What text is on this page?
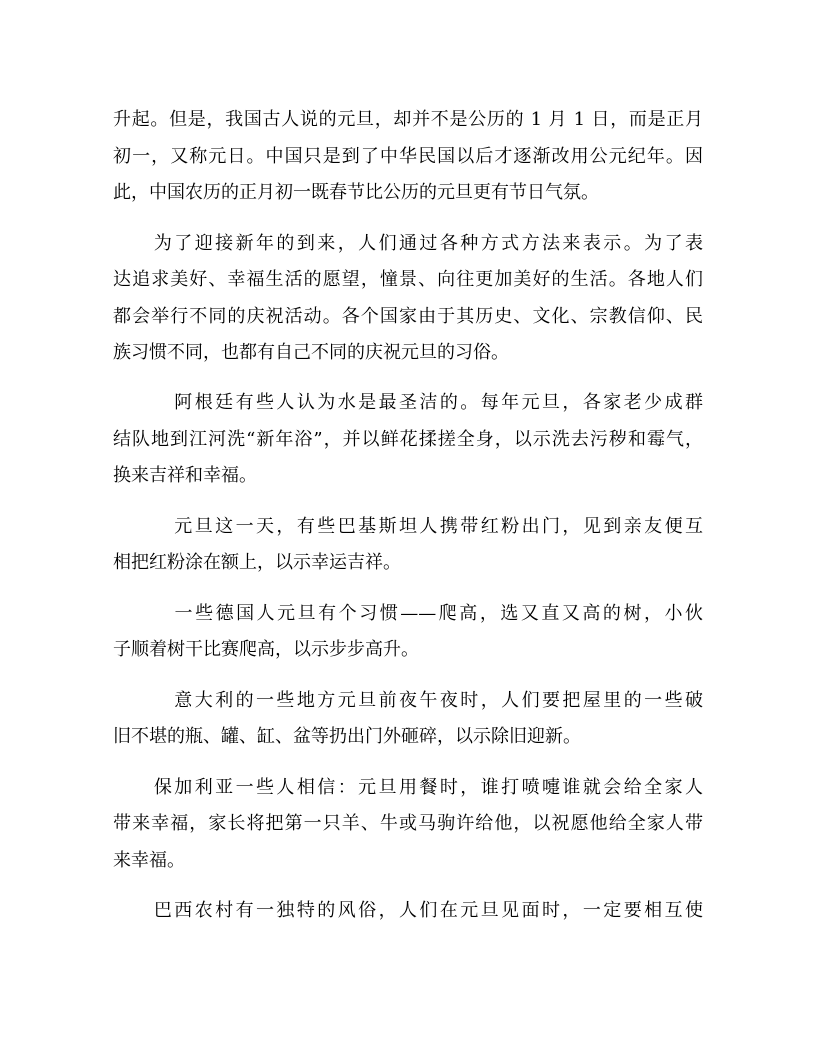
升起。但是，我国古人说的元旦，却并不是公历的 1 月 1 日，而是正月
初一，又称元日。中国只是到了中华民国以后才逐渐改用公元纪年。因
此，中国农历的正月初一既春节比公历的元旦更有节日气氛。
　　为了迎接新年的到来，人们通过各种方式方法来表示。为了表
达追求美好、幸福生活的愿望，憧景、向往更加美好的生活。各地人们
都会举行不同的庆祝活动。各个国家由于其历史、文化、宗教信仰、民
族习惯不同，也都有自己不同的庆祝元旦的习俗。
　　　阿根廷有些人认为水是最圣洁的。每年元旦，各家老少成群
结队地到江河洗“新年浴”，并以鲜花揉搓全身，以示洗去污秽和霉气，
换来吉祥和幸福。
　　　元旦这一天，有些巴基斯坦人携带红粉出门，见到亲友便互
相把红粉涂在额上，以示幸运吉祥。
　　　一些德国人元旦有个习惯——爬高，选又直又高的树，小伙
子顺着树干比赛爬高，以示步步高升。
　　　意大利的一些地方元旦前夜午夜时，人们要把屋里的一些破
旧不堪的瓶、罐、缸、盆等扔出门外砸碎，以示除旧迎新。
　　保加利亚一些人相信：元旦用餐时，谁打喷嚏谁就会给全家人
带来幸福，家长将把第一只羊、牛或马驹许给他，以祝愿他给全家人带
来幸福。
　　巴西农村有一独特的风俗，人们在元旦见面时，一定要相互使
